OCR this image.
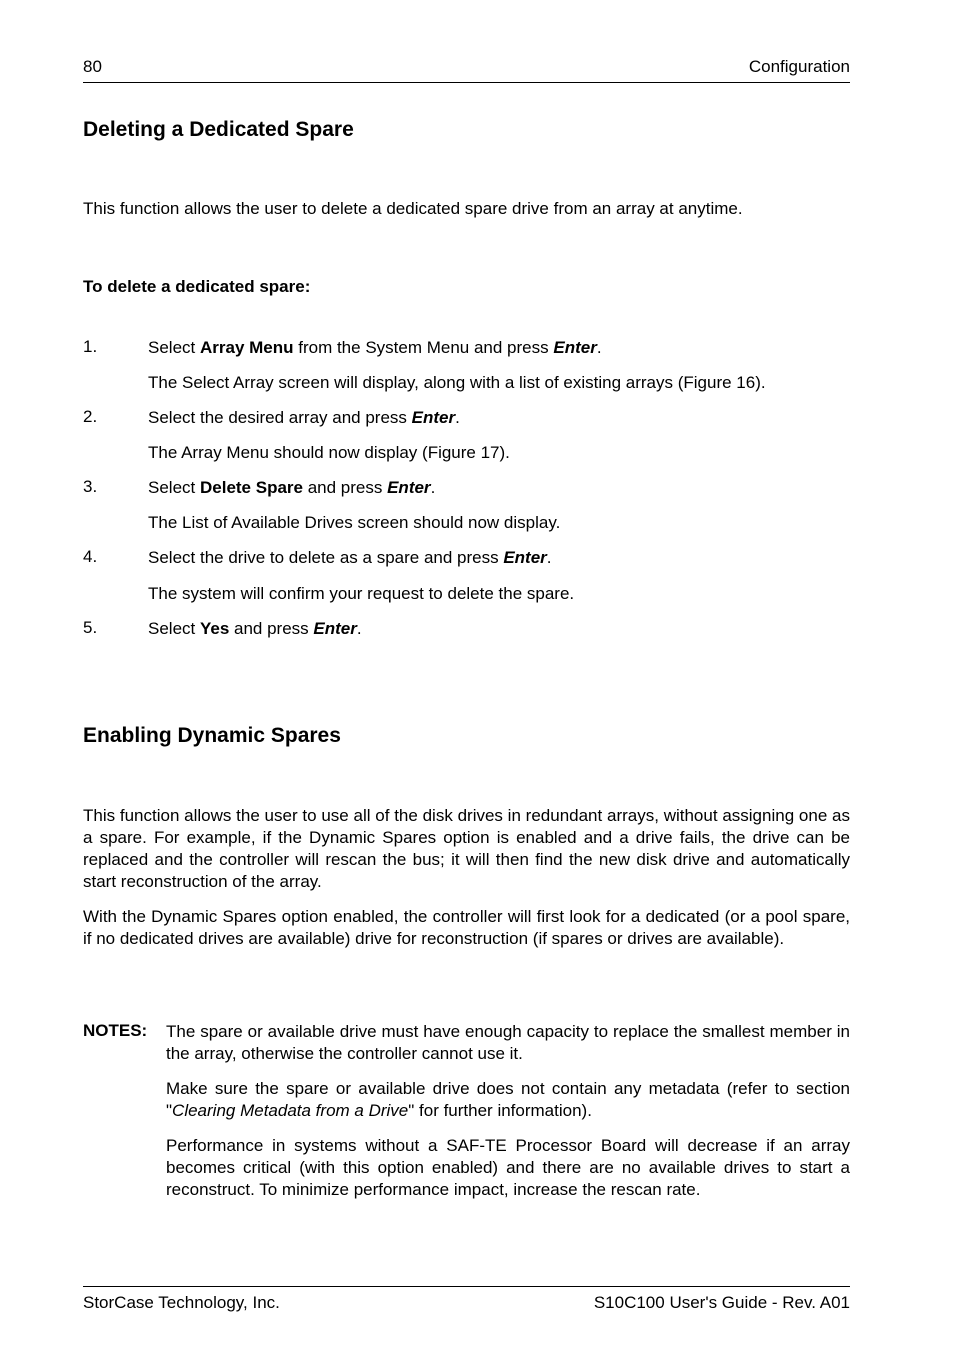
80	Configuration
Deleting a Dedicated Spare
This function allows the user to delete a dedicated spare drive from an array at anytime.
To delete a dedicated spare:
1.	Select Array Menu from the System Menu and press Enter.
The Select Array screen will display, along with a list of existing arrays (Figure 16).
2.	Select the desired array and press Enter.
The Array Menu should now display (Figure 17).
3.	Select Delete Spare and press Enter.
The List of Available Drives screen should now display.
4.	Select the drive to delete as a spare and press Enter.
The system will confirm your request to delete the spare.
5.	Select Yes and press Enter.
Enabling Dynamic Spares
This function allows the user to use all of the disk drives in redundant arrays, without assigning one as a spare. For example, if the Dynamic Spares option is enabled and a drive fails, the drive can be replaced and the controller will rescan the bus; it will then find the new disk drive and automatically start reconstruction of the array.
With the Dynamic Spares option enabled, the controller will first look for a dedicated (or a pool spare, if no dedicated drives are available) drive for reconstruction (if spares or drives are available).
NOTES: The spare or available drive must have enough capacity to replace the smallest member in the array, otherwise the controller cannot use it.
Make sure the spare or available drive does not contain any metadata (refer to section "Clearing Metadata from a Drive" for further information).
Performance in systems without a SAF-TE Processor Board will decrease if an array becomes critical (with this option enabled) and there are no available drives to start a reconstruct. To minimize performance impact, increase the rescan rate.
StorCase Technology, Inc.	S10C100 User's Guide - Rev. A01
